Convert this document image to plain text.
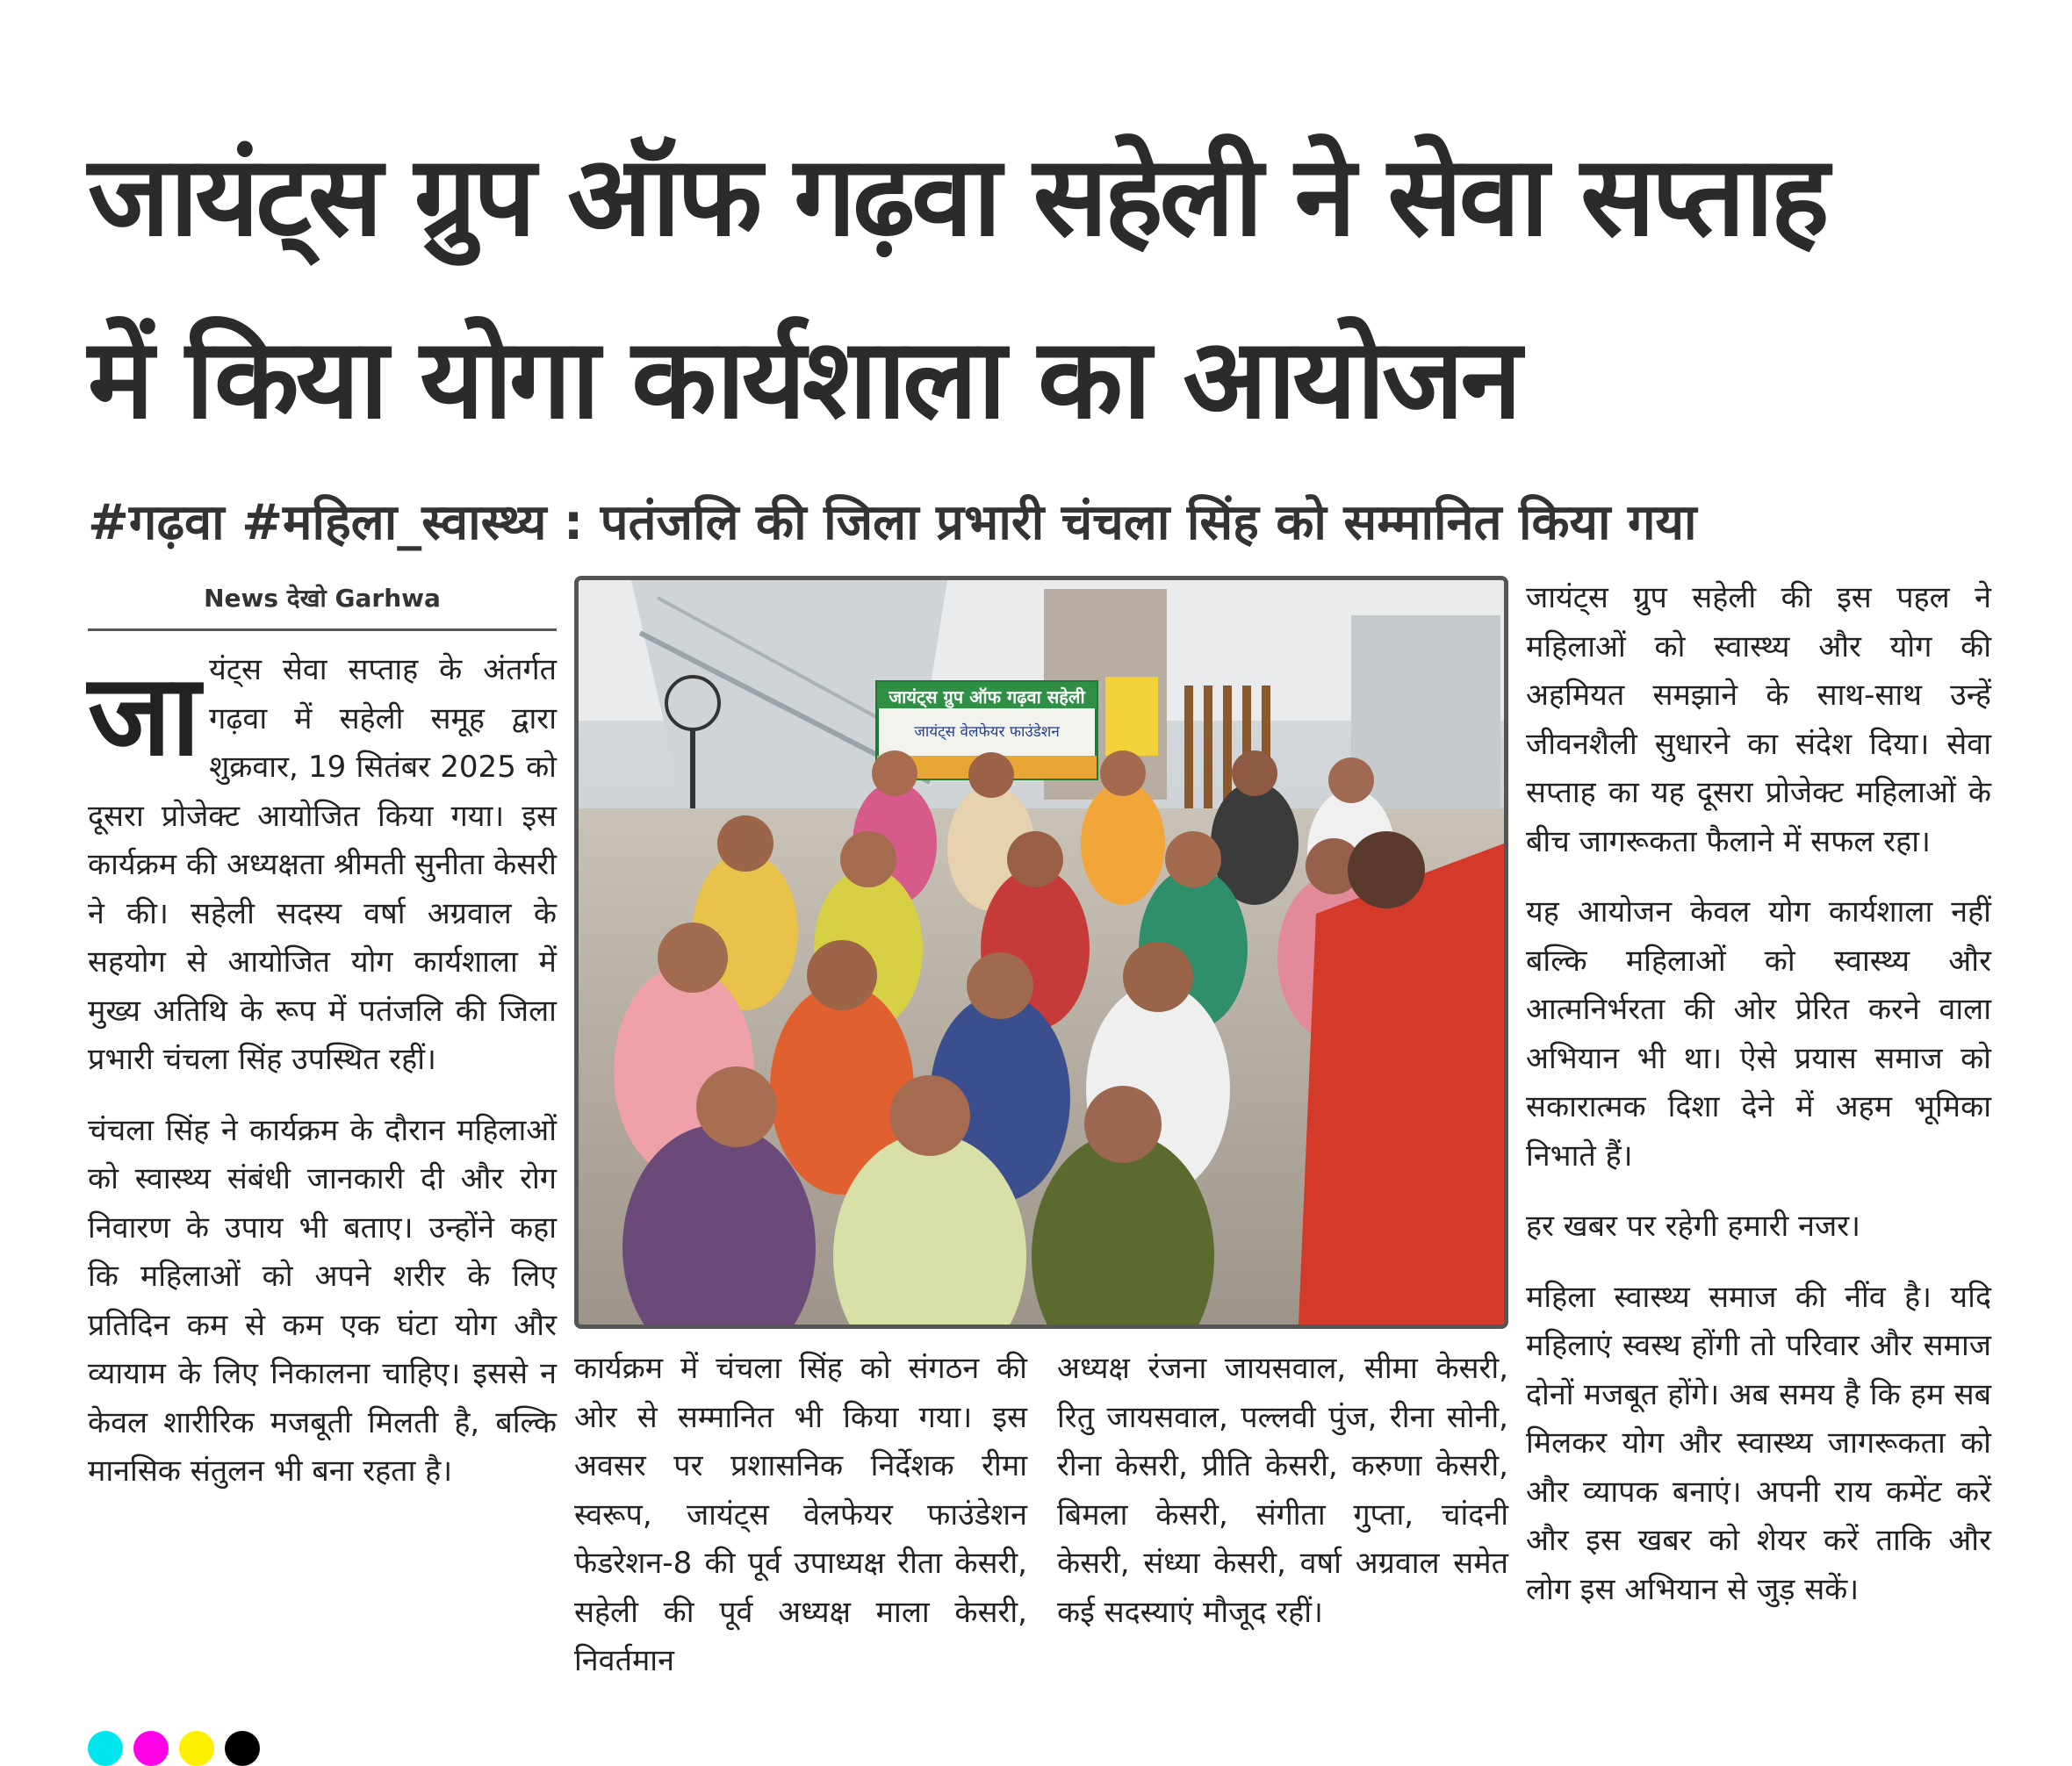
जायंट्स ग्रुप ऑफ गढ़वा सहेली ने सेवा सप्ताह
में किया योगा कार्यशाला का आयोजन
#गढ़वा #महिला_स्वास्थ्य : पतंजलि की जिला प्रभारी चंचला सिंह को सम्मानित किया गया
News देखो Garhwa

जायंट्स सेवा सप्ताह के अंतर्गत गढ़वा में सहेली समूह द्वारा शुक्रवार, 19 सितंबर 2025 को दूसरा प्रोजेक्ट आयोजित किया गया। इस कार्यक्रम की अध्यक्षता श्रीमती सुनीता केसरी ने की। सहेली सदस्य वर्षा अग्रवाल के सहयोग से आयोजित योग कार्यशाला में मुख्य अतिथि के रूप में पतंजलि की जिला प्रभारी चंचला सिंह उपस्थित रहीं।

चंचला सिंह ने कार्यक्रम के दौरान महिलाओं को स्वास्थ्य संबंधी जानकारी दी और रोग निवारण के उपाय भी बताए। उन्होंने कहा कि महिलाओं को अपने शरीर के लिए प्रतिदिन कम से कम एक घंटा योग और व्यायाम के लिए निकालना चाहिए। इससे न केवल शारीरिक मजबूती मिलती है, बल्कि मानसिक संतुलन भी बना रहता है।

जायंट्स ग्रुप ऑफ गढ़वा सहेली
जायंट्स वेलफेयर फाउंडेशन

कार्यक्रम में चंचला सिंह को संगठन की ओर से सम्मानित भी किया गया। इस अवसर पर प्रशासनिक निर्देशक रीमा स्वरूप, जायंट्स वेलफेयर फाउंडेशन फेडरेशन-8 की पूर्व उपाध्यक्ष रीता केसरी, सहेली की पूर्व अध्यक्ष माला केसरी, निवर्तमान

अध्यक्ष रंजना जायसवाल, सीमा केसरी, रितु जायसवाल, पल्लवी पुंज, रीना सोनी, रीना केसरी, प्रीति केसरी, करुणा केसरी, बिमला केसरी, संगीता गुप्ता, चांदनी केसरी, संध्या केसरी, वर्षा अग्रवाल समेत कई सदस्याएं मौजूद रहीं।

जायंट्स ग्रुप सहेली की इस पहल ने महिलाओं को स्वास्थ्य और योग की अहमियत समझाने के साथ-साथ उन्हें जीवनशैली सुधारने का संदेश दिया। सेवा सप्ताह का यह दूसरा प्रोजेक्ट महिलाओं के बीच जागरूकता फैलाने में सफल रहा।

यह आयोजन केवल योग कार्यशाला नहीं बल्कि महिलाओं को स्वास्थ्य और आत्मनिर्भरता की ओर प्रेरित करने वाला अभियान भी था। ऐसे प्रयास समाज को सकारात्मक दिशा देने में अहम भूमिका निभाते हैं।

हर खबर पर रहेगी हमारी नजर।

महिला स्वास्थ्य समाज की नींव है। यदि महिलाएं स्वस्थ होंगी तो परिवार और समाज दोनों मजबूत होंगे। अब समय है कि हम सब मिलकर योग और स्वास्थ्य जागरूकता को और व्यापक बनाएं। अपनी राय कमेंट करें और इस खबर को शेयर करें ताकि और लोग इस अभियान से जुड़ सकें।
